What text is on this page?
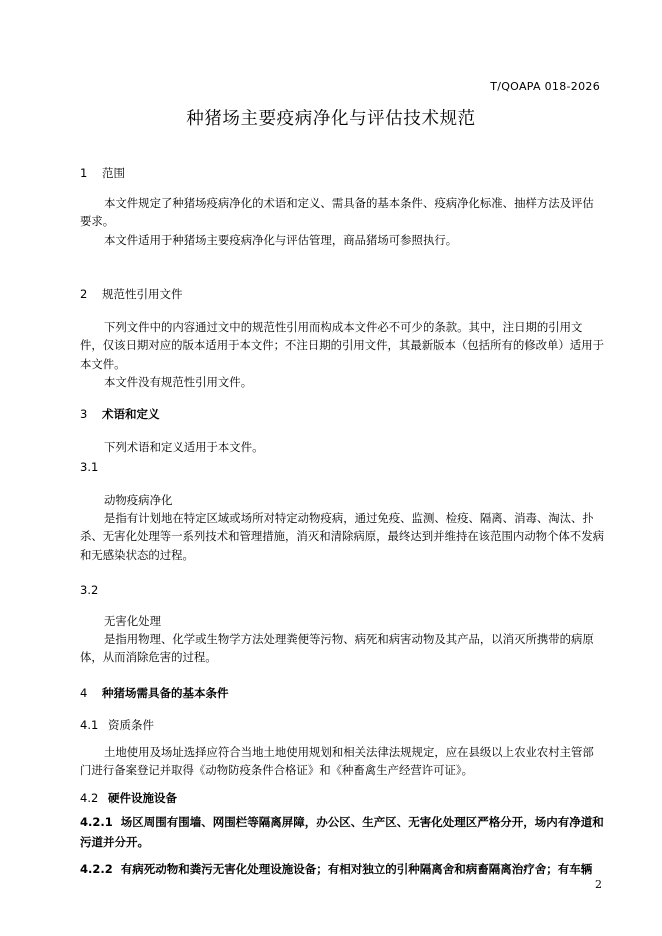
T/QOAPA 018-2026
种猪场主要疫病净化与评估技术规范
1 范围
本文件规定了种猪场疫病净化的术语和定义、需具备的基本条件、疫病净化标准、抽样方法及评估要求。
本文件适用于种猪场主要疫病净化与评估管理，商品猪场可参照执行。
2 规范性引用文件
下列文件中的内容通过文中的规范性引用而构成本文件必不可少的条款。其中，注日期的引用文件，仅该日期对应的版本适用于本文件；不注日期的引用文件，其最新版本（包括所有的修改单）适用于本文件。
本文件没有规范性引用文件。
3 术语和定义
下列术语和定义适用于本文件。
3.1
动物疫病净化
是指有计划地在特定区域或场所对特定动物疫病，通过免疫、监测、检疫、隔离、消毒、淘汰、扑杀、无害化处理等一系列技术和管理措施，消灭和清除病原，最终达到并维持在该范围内动物个体不发病和无感染状态的过程。
3.2
无害化处理
是指用物理、化学或生物学方法处理粪便等污物、病死和病害动物及其产品，以消灭所携带的病原体，从而消除危害的过程。
4 种猪场需具备的基本条件
4.1 资质条件
土地使用及场址选择应符合当地土地使用规划和相关法律法规规定，应在县级以上农业农村主管部门进行备案登记并取得《动物防疫条件合格证》和《种畜禽生产经营许可证》。
4.2 硬件设施设备
4.2.1 场区周围有围墙、网围栏等隔离屏障，办公区、生产区、无害化处理区严格分开，场内有净道和污道并分开。
4.2.2 有病死动物和粪污无害化处理设施设备；有相对独立的引种隔离舍和病畜隔离治疗舍；有车辆
2
